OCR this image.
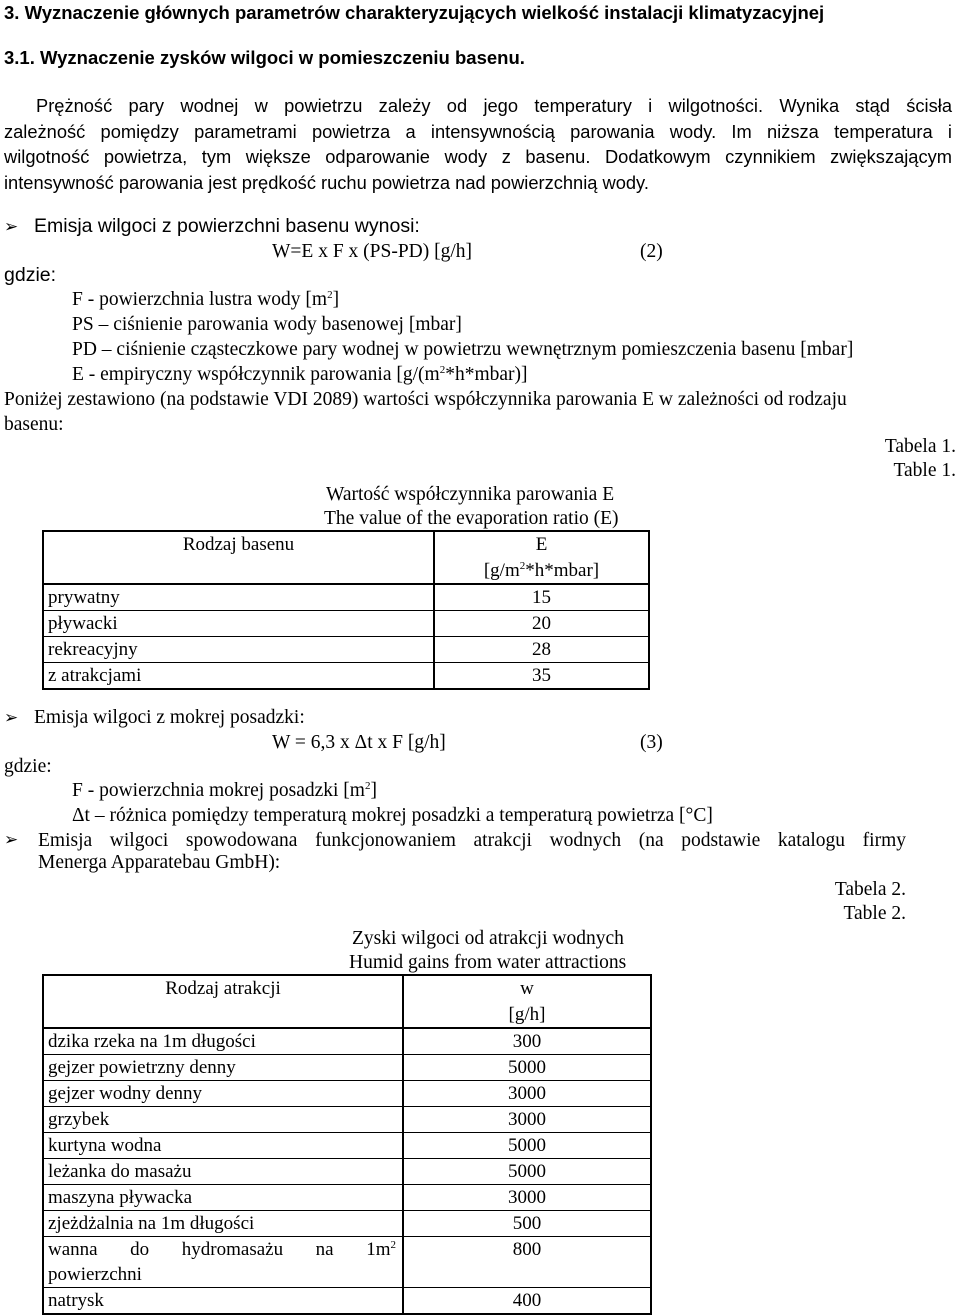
3. Wyznaczenie głównych parametrów charakteryzujących wielkość instalacji klimatyzacyjnej
3.1. Wyznaczenie zysków wilgoci w pomieszczeniu basenu.
Prężność pary wodnej w powietrzu zależy od jego temperatury i wilgotności. Wynika stąd ścisła
zależność pomiędzy parametrami powietrza a intensywnością parowania wody. Im niższa temperatura i
wilgotność powietrza, tym większe odparowanie wody z basenu. Dodatkowym czynnikiem zwiększającym
intensywność parowania jest prędkość ruchu powietrza nad powierzchnią wody.
➢ Emisja wilgoci z powierzchni basenu wynosi:
W=E x F x (PS-PD) [g/h]	(2)
gdzie:
F - powierzchnia lustra wody $[m^2]$
PS – ciśnienie parowania wody basenowej [mbar]
PD – ciśnienie cząsteczkowe pary wodnej w powietrzu wewnętrznym pomieszczenia basenu [mbar]
E - empiryczny współczynnik parowania $[g/(m^2*h*mbar)]$
Poniżej zestawiono (na podstawie VDI 2089) wartości współczynnika parowania E w zależności od rodzaju
basenu:
Tabela 1.
Table 1.
Wartość współczynnika parowania E
The value of the evaporation ratio (E)
Rodzaj basenu	E
$[g/m^2*h*mbar]$
prywatny	15
pływacki	20
rekreacyjny	28
z atrakcjami	35
➢ Emisja wilgoci z mokrej posadzki:
W = 6,3 x Δt x F [g/h]	(3)
gdzie:
F - powierzchnia mokrej posadzki $[m^2]$
Δt – różnica pomiędzy temperaturą mokrej posadzki a temperaturą powietrza [°C]
➢	Emisja wilgoci spowodowana funkcjonowaniem atrakcji wodnych (na podstawie katalogu firmy
Menerga Apparatebau GmbH):
Tabela 2.
Table 2.
Zyski wilgoci od atrakcji wodnych
Humid gains from water attractions
Rodzaj atrakcji	w
[g/h]
dzika rzeka na 1m długości	300
gejzer powietrzny denny	5000
gejzer wodny denny	3000
grzybek	3000
kurtyna wodna	5000
leżanka do masażu	5000
maszyna pływacka	3000
zjeżdżalnia na 1m długości	500

wanna do hydromasażu na $1m^2$
powierzchni	800
natrysk	400
